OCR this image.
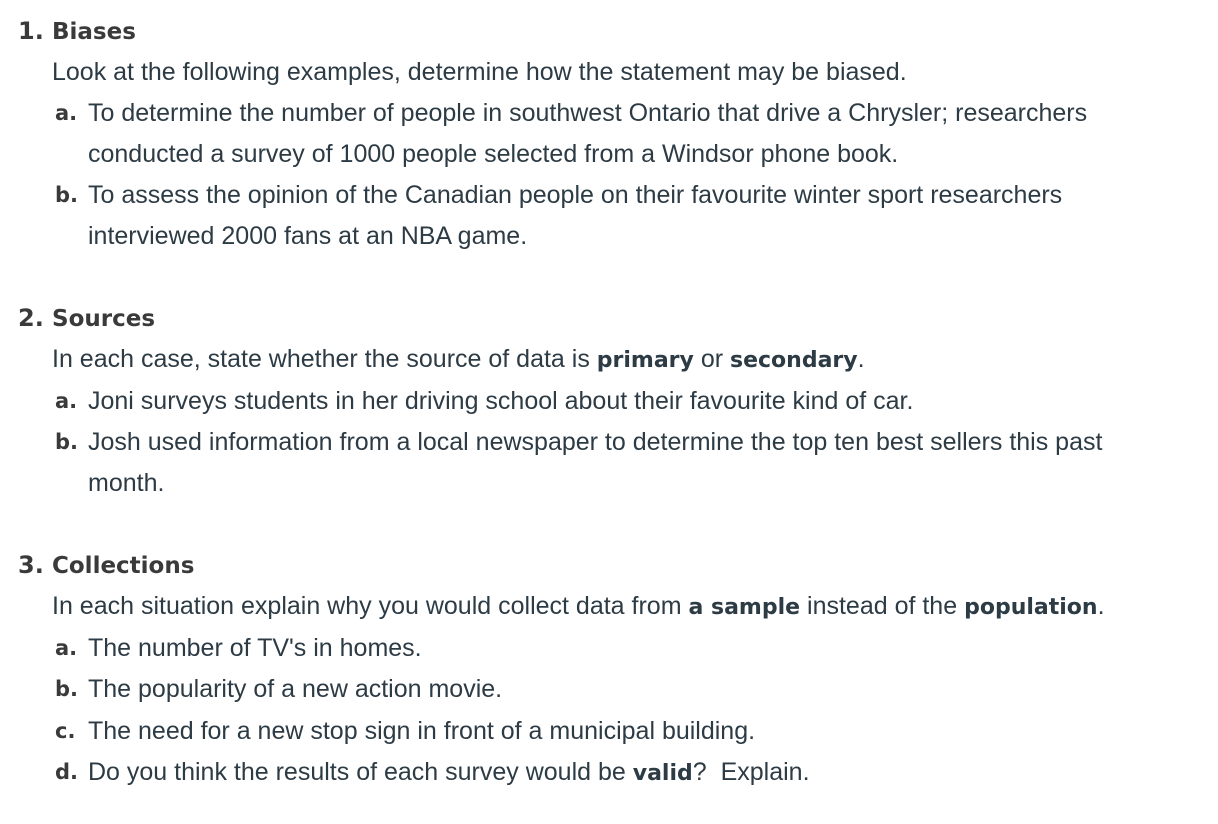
1. Biases
Look at the following examples, determine how the statement may be biased.
a. To determine the number of people in southwest Ontario that drive a Chrysler; researchers
conducted a survey of 1000 people selected from a Windsor phone book.
b. To assess the opinion of the Canadian people on their favourite winter sport researchers
interviewed 2000 fans at an NBA game.
2. Sources
In each case, state whether the source of data is primary or secondary.
a. Joni surveys students in her driving school about their favourite kind of car.
b. Josh used information from a local newspaper to determine the top ten best sellers this past
month.
3. Collections
In each situation explain why you would collect data from a sample instead of the population.
a. The number of TV's in homes.
b. The popularity of a new action movie.
c. The need for a new stop sign in front of a municipal building.
d. Do you think the results of each survey would be valid?  Explain.
